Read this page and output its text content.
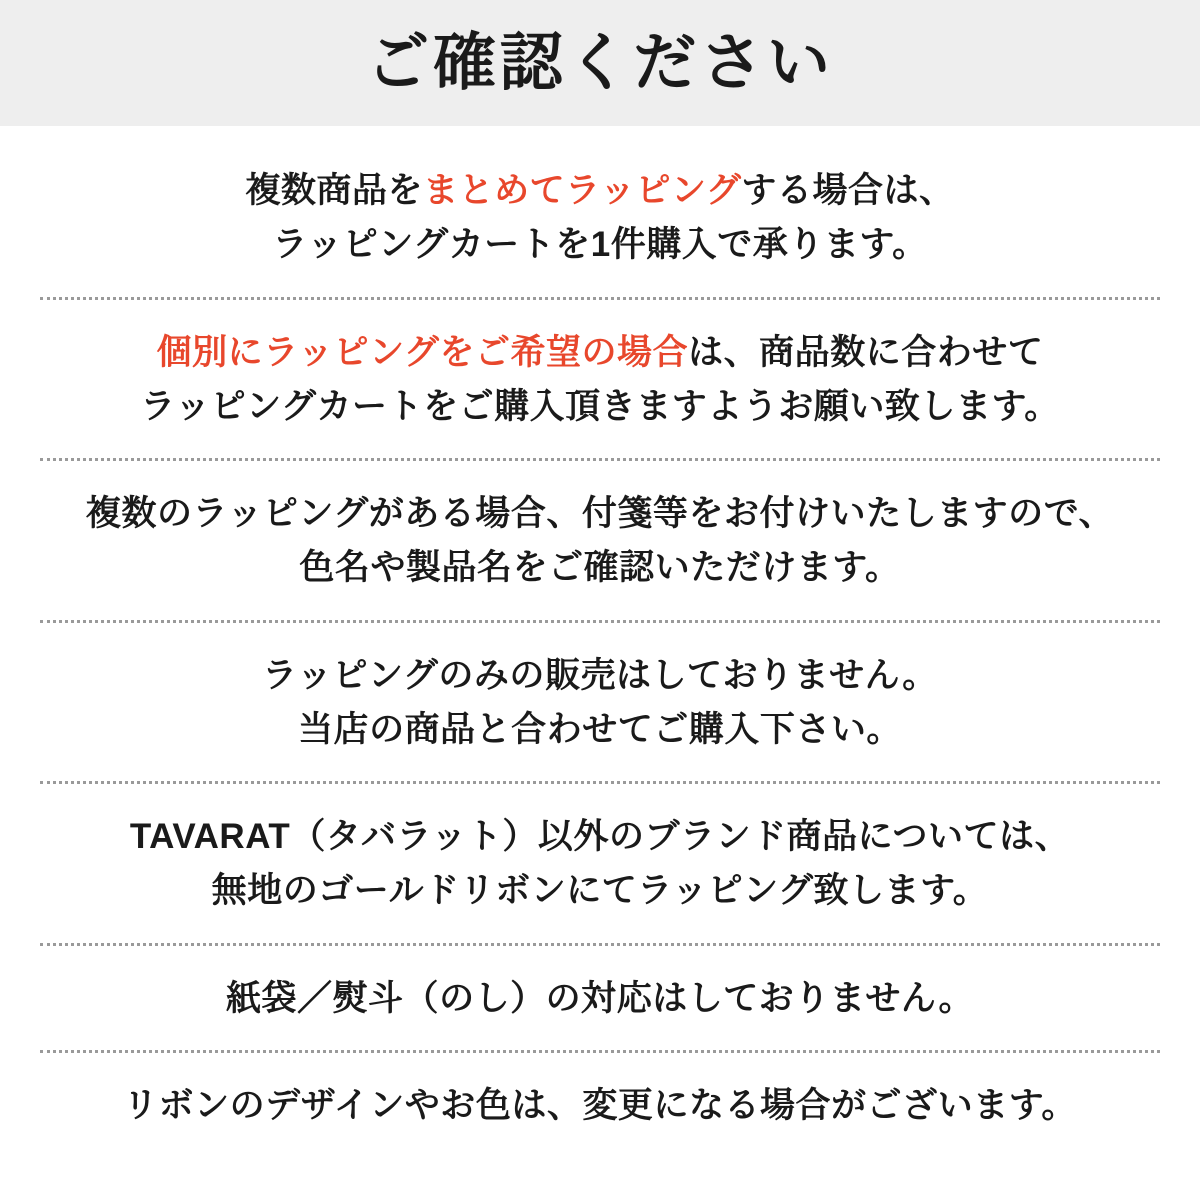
ご確認ください
複数商品をまとめてラッピングする場合は、
ラッピングカートを1件購入で承ります。
個別にラッピングをご希望の場合は、商品数に合わせて
ラッピングカートをご購入頂きますようお願い致します。
複数のラッピングがある場合、付箋等をお付けいたしますので、
色名や製品名をご確認いただけます。
ラッピングのみの販売はしておりません。
当店の商品と合わせてご購入下さい。
TAVARAT（タバラット）以外のブランド商品については、
無地のゴールドリボンにてラッピング致します。
紙袋／熨斗（のし）の対応はしておりません。
リボンのデザインやお色は、変更になる場合がございます。
